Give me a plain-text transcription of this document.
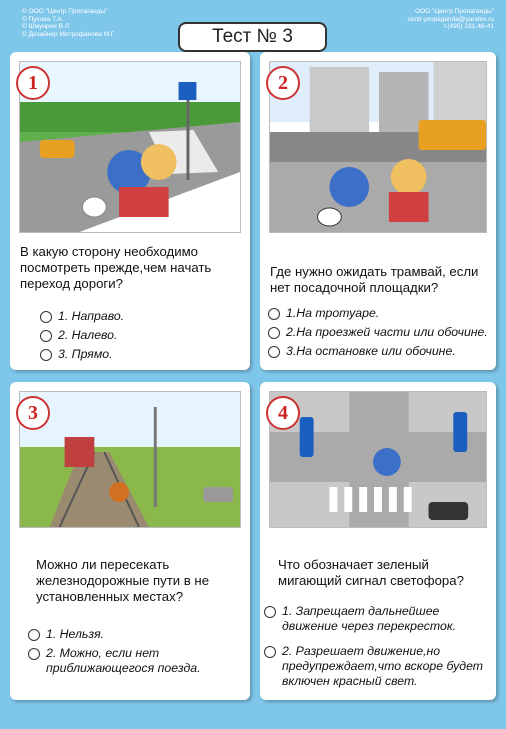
© ООО "Центр Пропаганды"
© Пухова Т.А.
© Шмунрин В.Л.
© Дизайнер Митрофанова М.Г.
ООО "Центр Пропаганды"
centr-propaganda@yandex.ru
т.(495) 231-46-41
Тест № 3
1
В какую сторону необходимо посмотреть прежде,чем начать переход дороги?
1. Направо.
2. Налево.
3. Прямо.
2
Где нужно ожидать трамвай, если нет посадочной площадки?
1.На тротуаре.
2.На проезжей части или обочине.
3.На остановке или обочине.
3
Можно ли пересекать железнодорожные пути в не установленных местах?
1. Нельзя.
2. Можно, если нет приближающегося поезда.
4
Что обозначает зеленый мигающий сигнал светофора?
1. Запрещает дальнейшее движение через перекресток.
2. Разрешает движение,но предупреждает,что вскоре будет включен красный свет.
